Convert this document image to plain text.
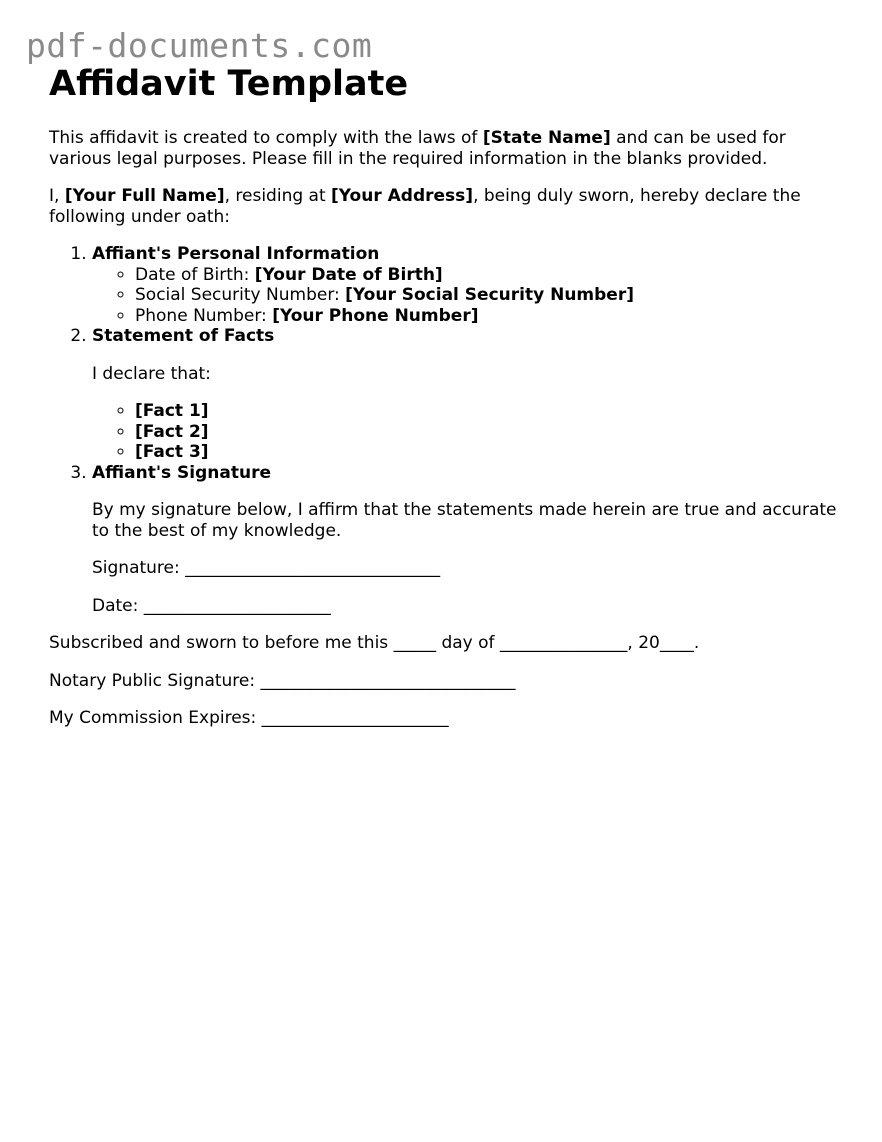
pdf-documents.com
Affidavit Template

This affidavit is created to comply with the laws of [State Name] and can be used for various legal purposes. Please fill in the required information in the blanks provided.

I, [Your Full Name], residing at [Your Address], being duly sworn, hereby declare the following under oath:

1. Affiant's Personal Information
◦ Date of Birth: [Your Date of Birth]
◦ Social Security Number: [Your Social Security Number]
◦ Phone Number: [Your Phone Number]
2. Statement of Facts

I declare that:

◦ [Fact 1]
◦ [Fact 2]
◦ [Fact 3]
3. Affiant's Signature

By my signature below, I affirm that the statements made herein are true and accurate to the best of my knowledge.

Signature: ______________________________

Date: ______________________

Subscribed and sworn to before me this _____ day of _______________, 20____.

Notary Public Signature: ______________________________

My Commission Expires: ______________________
